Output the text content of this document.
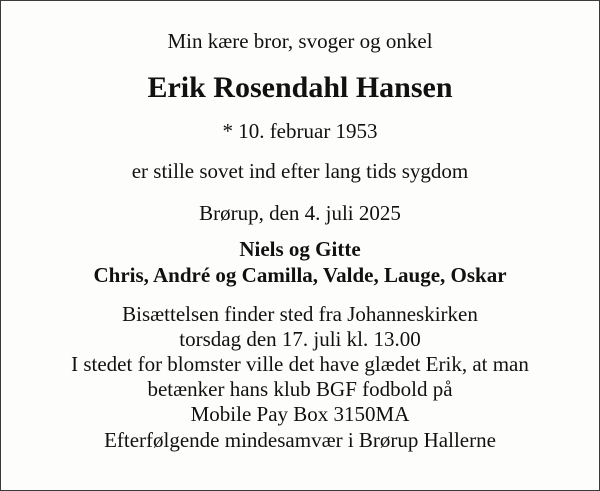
Min kære bror, svoger og onkel
Erik Rosendahl Hansen
* 10. februar 1953
er stille sovet ind efter lang tids sygdom
Brørup, den 4. juli 2025
Niels og Gitte
Chris, André og Camilla, Valde, Lauge, Oskar
Bisættelsen finder sted fra Johanneskirken
torsdag den 17. juli kl. 13.00
I stedet for blomster ville det have glædet Erik, at man
betænker hans klub BGF fodbold på
Mobile Pay Box 3150MA
Efterfølgende mindesamvær i Brørup Hallerne
